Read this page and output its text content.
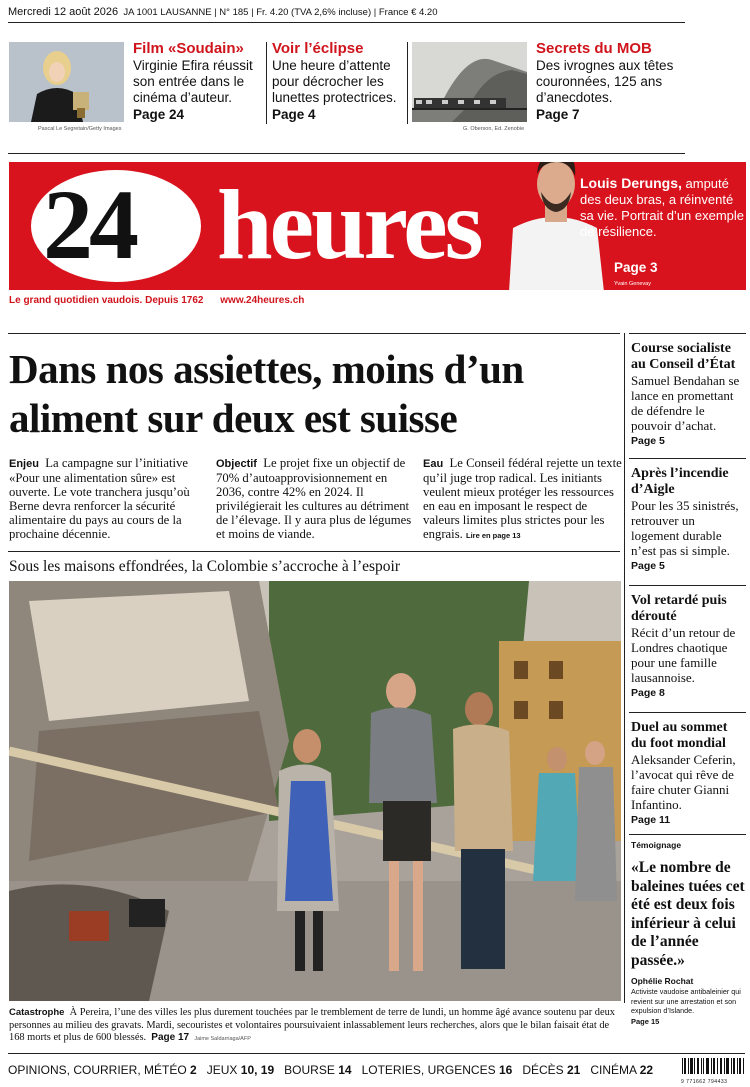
Mercredi 12 août 2026 JA 1001 LAUSANNE | N° 185 | Fr. 4.20 (TVA 2,6% incluse) | France € 4.20
Pascal Le Segretain/Getty Images
Film «Soudain»

Virginie Efira réussit son entrée dans le cinéma d’auteur.

Page 24
Voir l’éclipse

Une heure d’attente pour décrocher les lunettes protectrices.

Page 4
G. Oberson, Ed. Zenobie
Secrets du MOB

Des ivrognes aux têtes couronnées, 125 ans d’anecdotes.

Page 7
24 heures	Louis Derungs, amputé des deux bras, a réinventé sa vie. Portrait d’un exemple de résilience.
Page 3
Yvain Genevay
Le grand quotidien vaudois. Depuis 1762 www.24heures.ch
Dans nos assiettes, moins d’un aliment sur deux est suisse
Enjeu La campagne sur l’initiative «Pour une alimentation sûre» est ouverte. Le vote tranchera jusqu’où Berne devra renforcer la sécurité alimentaire du pays au cours de la prochaine décennie.
Objectif Le projet fixe un objectif de 70% d’autoapprovisionnement en 2036, contre 42% en 2024. Il privilégierait les cultures au détriment de l’élevage. Il y aura plus de légumes et moins de viande.
Eau Le Conseil fédéral rejette un texte qu’il juge trop radical. Les initiants veulent mieux protéger les ressources en eau en imposant le respect de valeurs limites plus strictes pour les engrais. Lire en page 13
Sous les maisons effondrées, la Colombie s’accroche à l’espoir
Catastrophe À Pereira, l’une des villes les plus durement touchées par le tremblement de terre de lundi, un homme âgé avance soutenu par deux personnes au milieu des gravats. Mardi, secouristes et volontaires poursuivaient inlassablement leurs recherches, alors que le bilan faisait état de 168 morts et plus de 600 blessés. Page 17 Jaime Saldarriaga/AFP
Course socialiste au Conseil d’État

Samuel Bendahan se lance en promettant de défendre le pouvoir d’achat.

Page 5
Après l’incendie d’Aigle

Pour les 35 sinistrés, retrouver un logement durable n’est pas si simple.

Page 5
Vol retardé puis dérouté

Récit d’un retour de Londres chaotique pour une famille lausannoise.

Page 8
Duel au sommet du foot mondial

Aleksander Ceferin, l’avocat qui rêve de faire chuter Gianni Infantino.

Page 11
Témoignage
«Le nombre de baleines tuées cet été est deux fois inférieur à celui de l’année passée.»
Ophélie Rochat
Activiste vaudoise antibaleinier qui revient sur une arrestation et son expulsion d’Islande.
Page 15
OPINIONS, COURRIER, MÉTÉO 2 JEUX 10, 19 BOURSE 14 LOTERIES, URGENCES 16 DÉCÈS 21 CINÉMA 22
9 771662 794433
